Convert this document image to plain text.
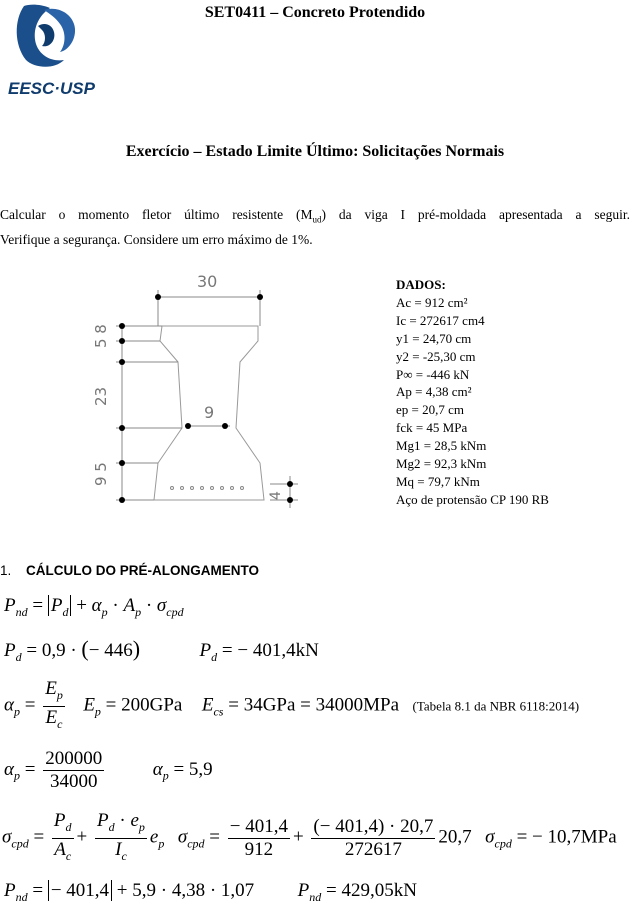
EESC·USP
SET0411 – Concreto Protendido
Exercício – Estado Limite Último: Solicitações Normais
Calcular o momento fletor último resistente $(M_{ud})$ da viga I pré-moldada apresentada a seguir.
Verifique a segurança. Considere um erro máximo de 1%.
30
5 8
23
9 5
9
4
DADOS:
Ac = 912 cm²
Ic = 272617 cm4
y1 = 24,70 cm
y2 = -25,30 cm
P∞ = -446 kN
Ap = 4,38 cm²
ep = 20,7 cm
fck = 45 MPa
Mg1 = 28,5 kNm
Mg2 = 92,3 kNm
Mq = 79,7 kNm
Aço de protensão CP 190 RB
1. CÁLCULO DO PRÉ-ALONGAMENTO
$P_{nd} = P_d + \alpha_p \cdot A_p \cdot \sigma_{cpd}$
$P_d = 0,9$ · (− 446)	$P_d$ = − 401,4kN
$\alpha_p = \frac{E_p}{E_c} E_p = 200GPa$ $E_{cs} = 34GPa = 34000MPa$ (Tabela 8.1 da NBR 6118:2014)
$\alpha_p = \frac{200000}{34000}$	$\alpha_p = 5,9$
$\sigma_{cpd} = \frac{P_d}{A_c} + \frac{P_d \cdot e_p}{I_c} e_p$ $\sigma_{cpd} = \frac{- 401,4}{912} + \frac{(- 401,4) \cdot 20,7}{272617} 20,7$ $\sigma_{cpd}$ = − 10,7MPa
$P_{nd}$ = − 401,4 + 5,9 · 4,38 · 1,07 $P_{nd} = 429,05kN$
